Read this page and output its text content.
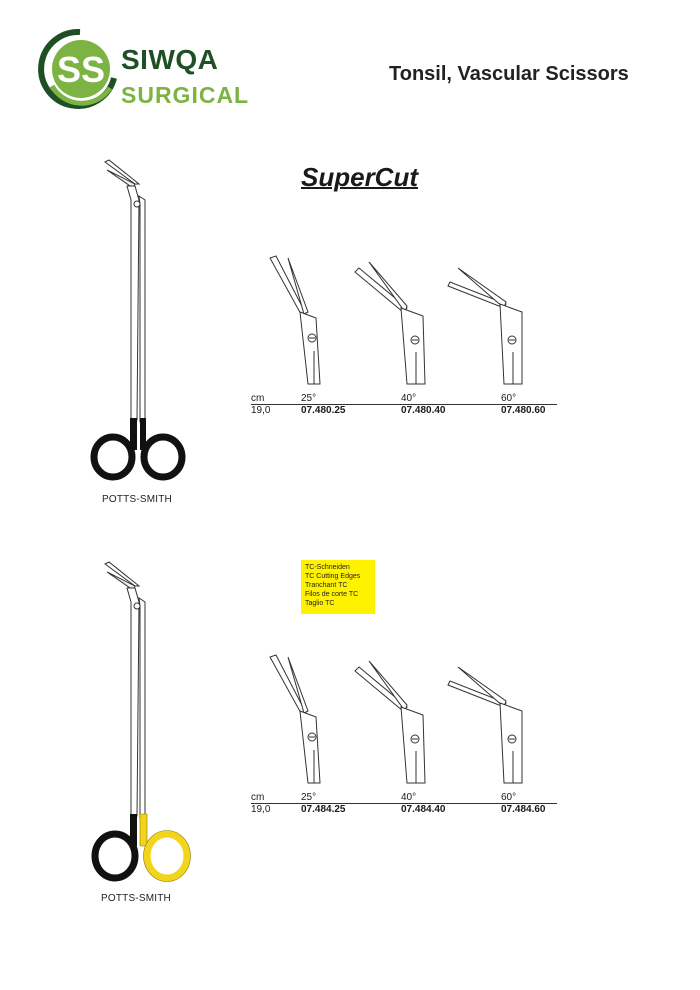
SS SIWQA
SURGICAL
Tonsil, Vascular Scissors
SuperCut
POTTS-SMITH
cm	25°	40°	60°
19,0	07.480.25	07.480.40	07.480.60
TC-Schneiden
TC Cutting Edges
Tranchant TC
Filos de corte TC
Taglio TC
POTTS-SMITH
cm	25°	40°	60°
19,0	07.484.25	07.484.40	07.484.60
